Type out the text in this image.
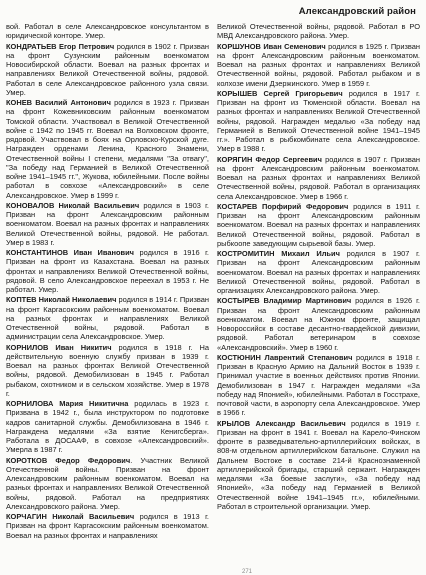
Александровский район

вой. Работал в селе Александровское консультантом в юридической конторе. Умер.

КОНДРАТЬЕВ Егор Петрович родился в 1902 г. Призван на фронт Сузунским районным военкоматом Новосибирской области. Воевал на разных фронтах и направлениях Великой Отечественной войны, рядовой. Работал в селе Александровское районного узла связи. Умер.

КОНЕВ Василий Антонович родился в 1923 г. Призван на фронт Кожевниковским районным военкоматом Томской области. Участвовал в Великой Отечественной войне с 1942 по 1945 гг. Воевал на Волховском фронте, рядовой. Участвовал в боях на Орловско-Курской дуге. Награжден орденами Ленина, Красного Знамени, Отечественной войны I степени, медалями "За отвагу", "За победу над Германией в Великой Отечественной войне 1941–1945 гг.", Жукова, юбилейными. После войны работал в совхозе «Александровский» в селе Александровское. Умер в 1999 г.

КОНОВАЛОВ Николай Васильевич родился в 1903 г. Призван на фронт Александровским районным военкоматом. Воевал на разных фронтах и направлениях Великой Отечественной войны, рядовой. Не работал. Умер в 1983 г.

КОНСТАНТИНОВ Иван Иванович родился в 1916 г. Призван на фронт из Казахстана. Воевал на разных фронтах и направлениях Великой Отечественной войны, рядовой. В село Александровское переехал в 1953 г. Не работал. Умер.

КОПТЕВ Николай Николаевич родился в 1914 г. Призван на фронт Каргасокским районным военкоматом. Воевал на разных фронтах и направлениях Великой Отечественной войны, рядовой. Работал в администрации села Александровское. Умер.

КОРНИЛОВ Иван Никитич родился в 1918 г. На действительную военную службу призван в 1939 г. Воевал на разных фронтах Великой Отечественной войны, рядовой. Демобилизован в 1945 г. Работал рыбаком, охотником и в сельском хозяйстве. Умер в 1978 г.

КОРНИЛОВА Мария Никитична родилась в 1923 г. Призвана в 1942 г., была инструктором по подготовке кадров санитарной службы. Демобилизована в 1946 г. Награждена медалями «За взятие Кенигсберга». Работала в ДОСААФ, в совхозе «Александровский». Умерла в 1987 г.

КОРОТКОВ Федор Федорович. Участник Великой Отечественной войны. Призван на фронт Александровским районным военкоматом. Воевал на разных фронтах и направлениях Великой Отечественной войны, рядовой. Работал на предприятиях Александровского района. Умер.

КОРЧАГИН Николай Васильевич родился в 1913 г. Призван на фронт Каргасокским районным военкоматом. Воевал на разных фронтах и направлениях

Великой Отечественной войны, рядовой. Работал в РО МВД Александровского района. Умер.

КОРШУНОВ Иван Семенович родился в 1925 г. Призван на фронт Александровским районным военкоматом. Воевал на разных фронтах и направлениях Великой Отечественной войны, рядовой. Работал рыбаком и в колхозе имени Дзержинского. Умер в 1959 г.

КОРЫШЕВ Сергей Григорьевич родился в 1917 г. Призван на фронт из Тюменской области. Воевал на разных фронтах и направлениях Великой Отечественной войны, рядовой. Награжден медалью «За победу над Германией в Великой Отечественной войне 1941–1945 гг.». Работал в рыбкомбинате села Александровское. Умер в 1988 г.

КОРЯГИН Федор Сергеевич родился в 1907 г. Призван на фронт Александровским районным военкоматом. Воевал на разных фронтах и направлениях Великой Отечественной войны, рядовой. Работал в организациях села Александровское. Умер в 1966 г.

КОСТАРЕВ Порфирий Федорович родился в 1911 г. Призван на фронт Александровским районным военкоматом. Воевал на разных фронтах и направлениях Великой Отечественной войны, рядовой. Работал в рыбкоопе заведующим сырьевой базы. Умер.

КОСТРОМИТИН Михаил Ильич родился в 1907 г. Призван на фронт Александровским районным военкоматом. Воевал на разных фронтах и направлениях Великой Отечественной войны, рядовой. Работал в организациях Александровского района. Умер.

КОСТЫРЕВ Владимир Мартинович родился в 1926 г. Призван на фронт Александровским районным военкоматом. Воевал на Южном фронте, защищал Новороссийск в составе десантно-гвардейской дивизии, рядовой. Работал ветеринаром в совхозе «Александровский». Умер в 1960 г.

КОСТЮНИН Лаврентий Степанович родился в 1918 г. Призван в Красную Армию на Дальний Восток в 1939 г. Принимал участие в военных действиях против Японии. Демобилизован в 1947 г. Награжден медалями «За победу над Японией», юбилейными. Работал в Госстрахе, почтовой части, в аэропорту села Александровское. Умер в 1966 г.

КРЫЛОВ Александр Васильевич родился в 1919 г. Призван на фронт в 1941 г. Воевал на Карело-Финском фронте в разведывательно-артиллерийских войсках, в 808-м отдельном артиллерийском батальоне. Служил на Дальнем Востоке в составе 214-й Краснознаменной артиллерийской бригады, старший сержант. Награжден медалями «За боевые заслуги», «За победу над Японией», «За победу над Германией в Великой Отечественной войне 1941–1945 гг.», юбилейными. Работал в строительной организации. Умер.

271
